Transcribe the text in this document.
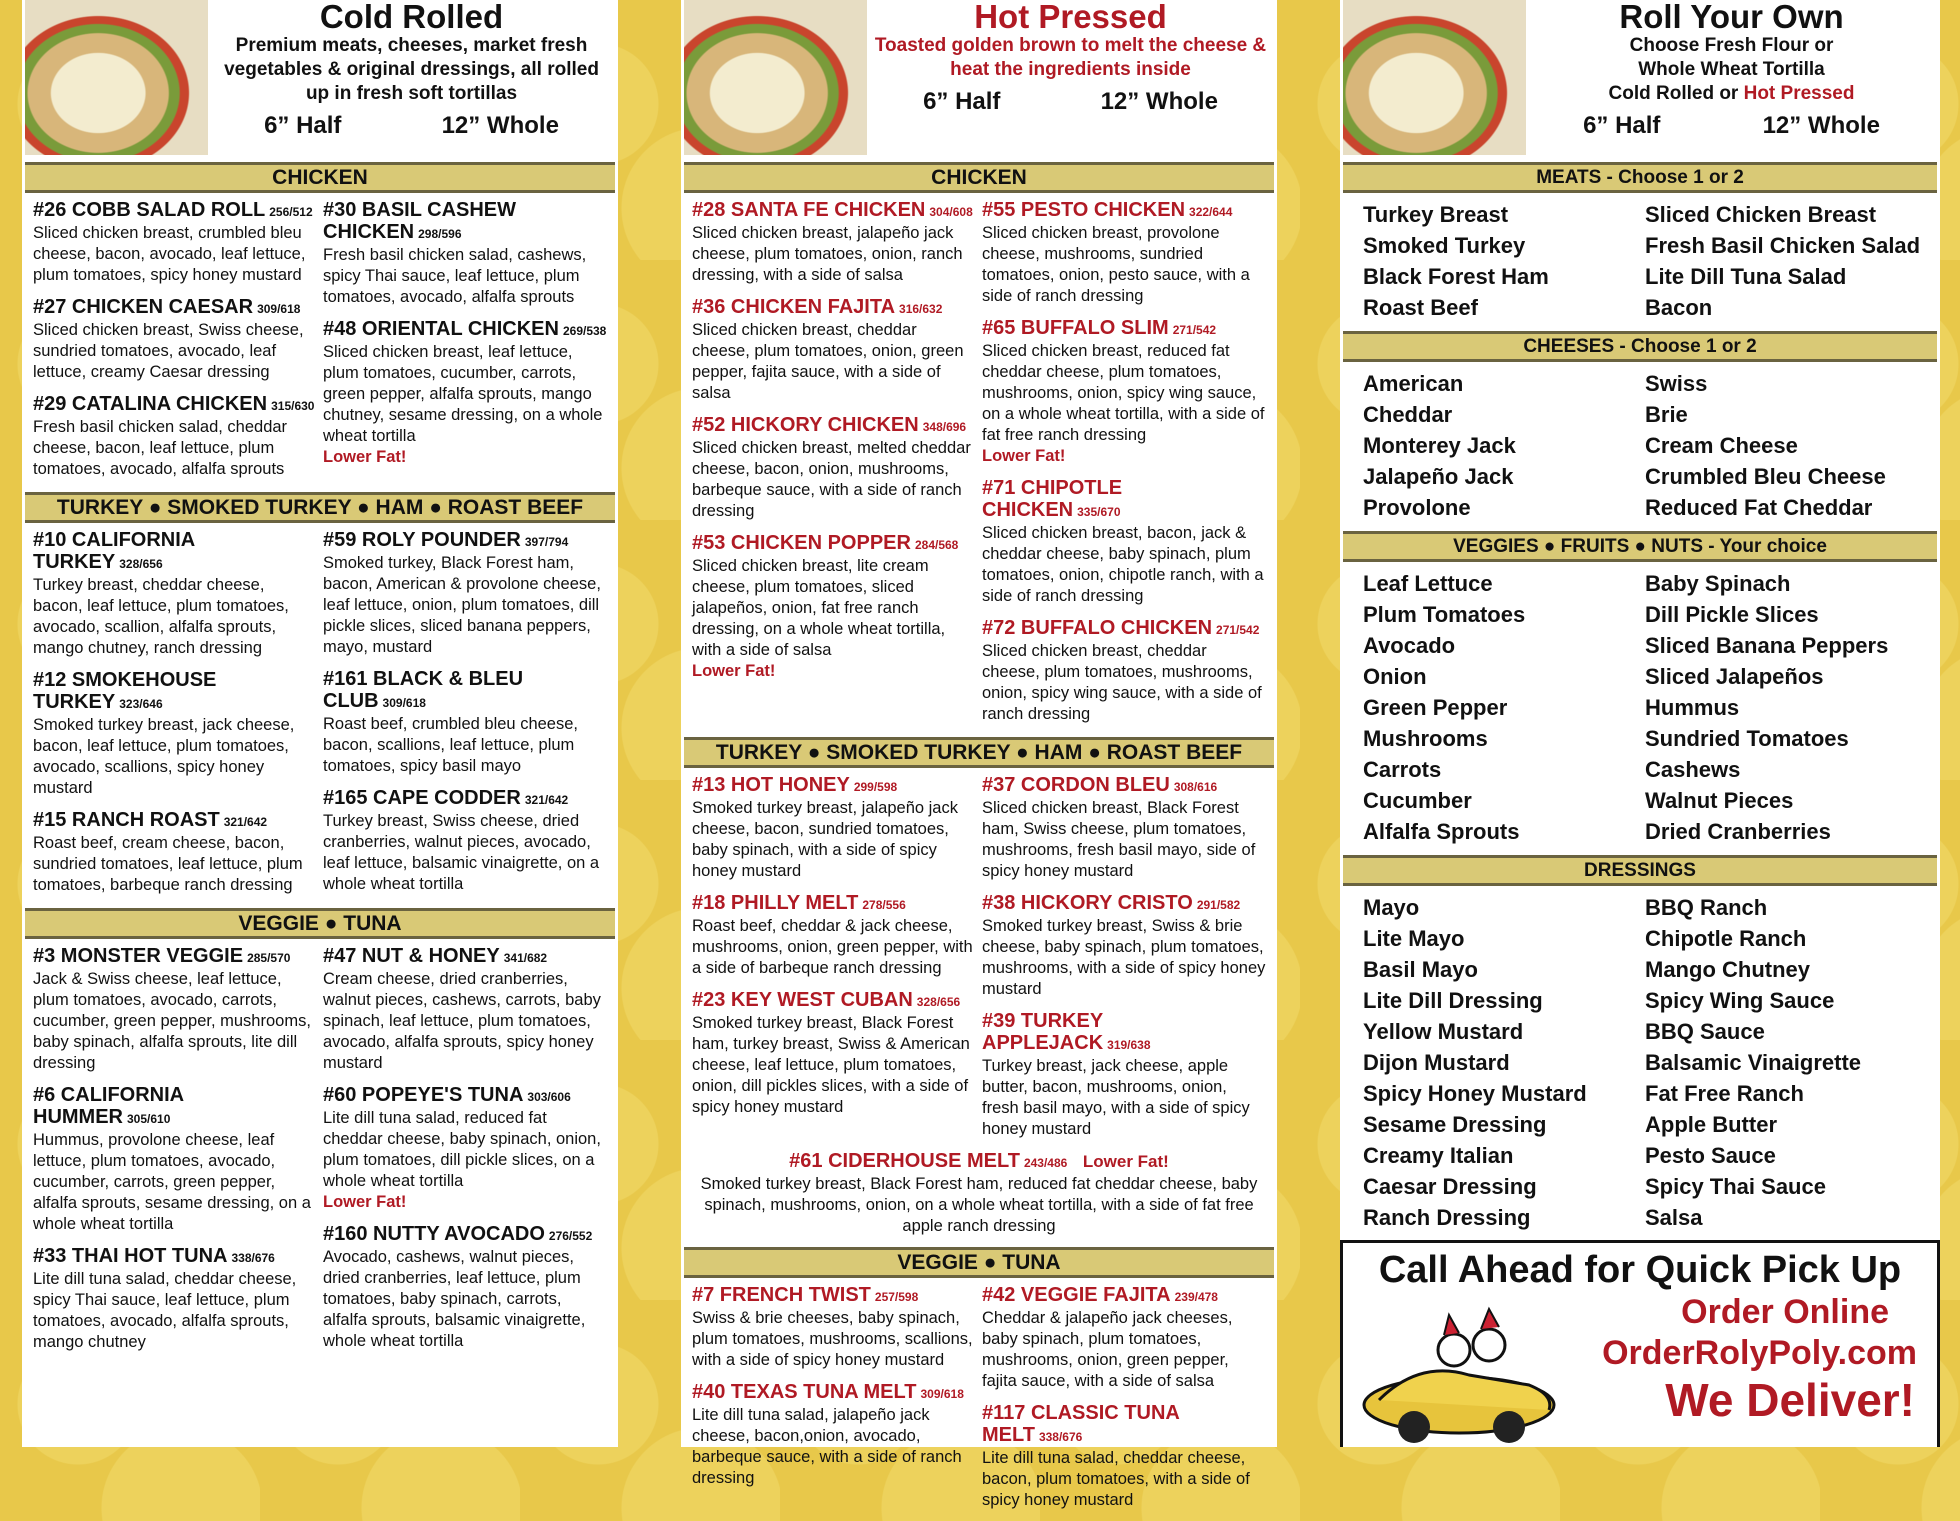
Cold Rolled
Premium meats, cheeses, market fresh vegetables & original dressings, all rolled up in fresh soft tortillas
6” Half	12” Whole
CHICKEN
#26 COBB SALAD ROLL 256/512
Sliced chicken breast, crumbled bleu cheese, bacon, avocado, leaf lettuce, plum tomatoes, spicy honey mustard
#27 CHICKEN CAESAR 309/618
Sliced chicken breast, Swiss cheese, sundried tomatoes, avocado, leaf lettuce, creamy Caesar dressing
#29 CATALINA CHICKEN 315/630
Fresh basil chicken salad, cheddar cheese, bacon, leaf lettuce, plum tomatoes, avocado, alfalfa sprouts
#30 BASIL CASHEW CHICKEN 298/596
Fresh basil chicken salad, cashews, spicy Thai sauce, leaf lettuce, plum tomatoes, avocado, alfalfa sprouts
#48 ORIENTAL CHICKEN 269/538
Sliced chicken breast, leaf lettuce, plum tomatoes, cucumber, carrots, green pepper, alfalfa sprouts, mango chutney, sesame dressing, on a whole wheat tortilla
Lower Fat!
TURKEY ● SMOKED TURKEY ● HAM ● ROAST BEEF
#10 CALIFORNIA TURKEY 328/656
Turkey breast, cheddar cheese, bacon, leaf lettuce, plum tomatoes, avocado, scallion, alfalfa sprouts, mango chutney, ranch dressing
#12 SMOKEHOUSE TURKEY 323/646
Smoked turkey breast, jack cheese, bacon, leaf lettuce, plum tomatoes, avocado, scallions, spicy honey mustard
#15 RANCH ROAST 321/642
Roast beef, cream cheese, bacon, sundried tomatoes, leaf lettuce, plum tomatoes, barbeque ranch dressing
#59 ROLY POUNDER 397/794
Smoked turkey, Black Forest ham, bacon, American & provolone cheese, leaf lettuce, onion, plum tomatoes, dill pickle slices, sliced banana peppers, mayo, mustard
#161 BLACK & BLEU CLUB 309/618
Roast beef, crumbled bleu cheese, bacon, scallions, leaf lettuce, plum tomatoes, spicy basil mayo
#165 CAPE CODDER 321/642
Turkey breast, Swiss cheese, dried cranberries, walnut pieces, avocado, leaf lettuce, balsamic vinaigrette, on a whole wheat tortilla
VEGGIE ● TUNA
#3 MONSTER VEGGIE 285/570
Jack & Swiss cheese, leaf lettuce, plum tomatoes, avocado, carrots, cucumber, green pepper, mushrooms, baby spinach, alfalfa sprouts, lite dill dressing
#6 CALIFORNIA HUMMER 305/610
Hummus, provolone cheese, leaf lettuce, plum tomatoes, avocado, cucumber, carrots, green pepper, alfalfa sprouts, sesame dressing, on a whole wheat tortilla
#33 THAI HOT TUNA 338/676
Lite dill tuna salad, cheddar cheese, spicy Thai sauce, leaf lettuce, plum tomatoes, avocado, alfalfa sprouts, mango chutney
#47 NUT & HONEY 341/682
Cream cheese, dried cranberries, walnut pieces, cashews, carrots, baby spinach, leaf lettuce, plum tomatoes, avocado, alfalfa sprouts, spicy honey mustard
#60 POPEYE'S TUNA 303/606
Lite dill tuna salad, reduced fat cheddar cheese, baby spinach, onion, plum tomatoes, dill pickle slices, on a whole wheat tortilla
Lower Fat!
#160 NUTTY AVOCADO 276/552
Avocado, cashews, walnut pieces, dried cranberries, leaf lettuce, plum tomatoes, baby spinach, carrots, alfalfa sprouts, balsamic vinaigrette, whole wheat tortilla
Hot Pressed
Toasted golden brown to melt the cheese & heat the ingredients inside
6” Half	12” Whole
CHICKEN
#28 SANTA FE CHICKEN 304/608
Sliced chicken breast, jalapeño jack cheese, plum tomatoes, onion, ranch dressing, with a side of salsa
#36 CHICKEN FAJITA 316/632
Sliced chicken breast, cheddar cheese, plum tomatoes, onion, green pepper, fajita sauce, with a side of salsa
#52 HICKORY CHICKEN 348/696
Sliced chicken breast, melted cheddar cheese, bacon, onion, mushrooms, barbeque sauce, with a side of ranch dressing
#53 CHICKEN POPPER 284/568
Sliced chicken breast, lite cream cheese, plum tomatoes, sliced jalapeños, onion, fat free ranch dressing, on a whole wheat tortilla, with a side of salsa
Lower Fat!
#55 PESTO CHICKEN 322/644
Sliced chicken breast, provolone cheese, mushrooms, sundried tomatoes, onion, pesto sauce, with a side of ranch dressing
#65 BUFFALO SLIM 271/542
Sliced chicken breast, reduced fat cheddar cheese, plum tomatoes, mushrooms, onion, spicy wing sauce, on a whole wheat tortilla, with a side of fat free ranch dressing
Lower Fat!
#71 CHIPOTLE CHICKEN 335/670
Sliced chicken breast, bacon, jack & cheddar cheese, baby spinach, plum tomatoes, onion, chipotle ranch, with a side of ranch dressing
#72 BUFFALO CHICKEN 271/542
Sliced chicken breast, cheddar cheese, plum tomatoes, mushrooms, onion, spicy wing sauce, with a side of ranch dressing
TURKEY ● SMOKED TURKEY ● HAM ● ROAST BEEF
#13 HOT HONEY 299/598
Smoked turkey breast, jalapeño jack cheese, bacon, sundried tomatoes, baby spinach, with a side of spicy honey mustard
#18 PHILLY MELT 278/556
Roast beef, cheddar & jack cheese, mushrooms, onion, green pepper, with a side of barbeque ranch dressing
#23 KEY WEST CUBAN 328/656
Smoked turkey breast, Black Forest ham, turkey breast, Swiss & American cheese, leaf lettuce, plum tomatoes, onion, dill pickles slices, with a side of spicy honey mustard
#37 CORDON BLEU 308/616
Sliced chicken breast, Black Forest ham, Swiss cheese, plum tomatoes, mushrooms, fresh basil mayo, side of spicy honey mustard
#38 HICKORY CRISTO 291/582
Smoked turkey breast, Swiss & brie cheese, baby spinach, plum tomatoes, mushrooms, with a side of spicy honey mustard
#39 TURKEY APPLEJACK 319/638
Turkey breast, jack cheese, apple butter, bacon, mushrooms, onion, fresh basil mayo, with a side of spicy honey mustard
#61 CIDERHOUSE MELT 243/486 Lower Fat!
Smoked turkey breast, Black Forest ham, reduced fat cheddar cheese, baby spinach, mushrooms, onion, on a whole wheat tortilla, with a side of fat free apple ranch dressing
VEGGIE ● TUNA
#7 FRENCH TWIST 257/598
Swiss & brie cheeses, baby spinach, plum tomatoes, mushrooms, scallions, with a side of spicy honey mustard
#40 TEXAS TUNA MELT 309/618
Lite dill tuna salad, jalapeño jack cheese, bacon,onion, avocado, barbeque sauce, with a side of ranch dressing
#42 VEGGIE FAJITA 239/478
Cheddar & jalapeño jack cheeses, baby spinach, plum tomatoes, mushrooms, onion, green pepper, fajita sauce, with a side of salsa
#117 CLASSIC TUNA MELT 338/676
Lite dill tuna salad, cheddar cheese, bacon, plum tomatoes, with a side of spicy honey mustard
Roll Your Own
Choose Fresh Flour or
Whole Wheat Tortilla
Cold Rolled or Hot Pressed
6” Half	12” Whole
MEATS - Choose 1 or 2
Turkey Breast
Smoked Turkey
Black Forest Ham
Roast Beef
Sliced Chicken Breast
Fresh Basil Chicken Salad
Lite Dill Tuna Salad
Bacon
CHEESES - Choose 1 or 2
American
Cheddar
Monterey Jack
Jalapeño Jack
Provolone
Swiss
Brie
Cream Cheese
Crumbled Bleu Cheese
Reduced Fat Cheddar
VEGGIES ● FRUITS ● NUTS - Your choice
Leaf Lettuce
Plum Tomatoes
Avocado
Onion
Green Pepper
Mushrooms
Carrots
Cucumber
Alfalfa Sprouts
Baby Spinach
Dill Pickle Slices
Sliced Banana Peppers
Sliced Jalapeños
Hummus
Sundried Tomatoes
Cashews
Walnut Pieces
Dried Cranberries
DRESSINGS
Mayo
Lite Mayo
Basil Mayo
Lite Dill Dressing
Yellow Mustard
Dijon Mustard
Spicy Honey Mustard
Sesame Dressing
Creamy Italian
Caesar Dressing
Ranch Dressing
BBQ Ranch
Chipotle Ranch
Mango Chutney
Spicy Wing Sauce
BBQ Sauce
Balsamic Vinaigrette
Fat Free Ranch
Apple Butter
Pesto Sauce
Spicy Thai Sauce
Salsa
Call Ahead for Quick Pick Up
Order Online
OrderRolyPoly.com
We Deliver!
